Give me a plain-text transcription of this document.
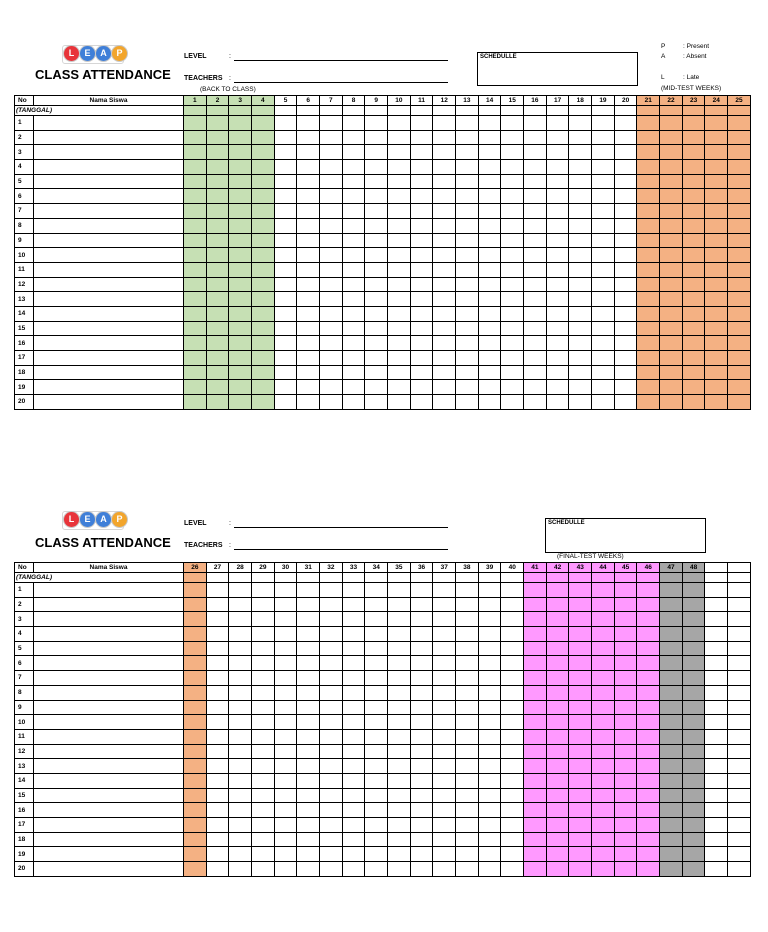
L	E	A	P
CLASS ATTENDANCE
LEVEL	:
TEACHERS :
(BACK TO CLASS)
SCHEDULLE
P	: Present
A	: Absent
L	: Late
(MID-TEST WEEKS)
No	Nama Siswa	1	2	3	4	5	6	7	8	9	10	11	12	13	14	15	16	17	18	19	20	21	22	23	24	25
(TANGGAL)																										
1																										
2																										
3																										
4																										
5																										
6																										
7																										
8																										
9																										
10																										
11																										
12																										
13																										
14																										
15																										
16																										
17																										
18																										
19																										
20																										
L	E	A	P
CLASS ATTENDANCE
LEVEL	:
TEACHERS :
SCHEDULLE
(FINAL-TEST WEEKS)
No	Nama Siswa	26	27	28	29	30	31	32	33	34	35	36	37	38	39	40	41	42	43	44	45	46	47	48		
(TANGGAL)																										
1																										
2																										
3																										
4																										
5																										
6																										
7																										
8																										
9																										
10																										
11																										
12																										
13																										
14																										
15																										
16																										
17																										
18																										
19																										
20																										
